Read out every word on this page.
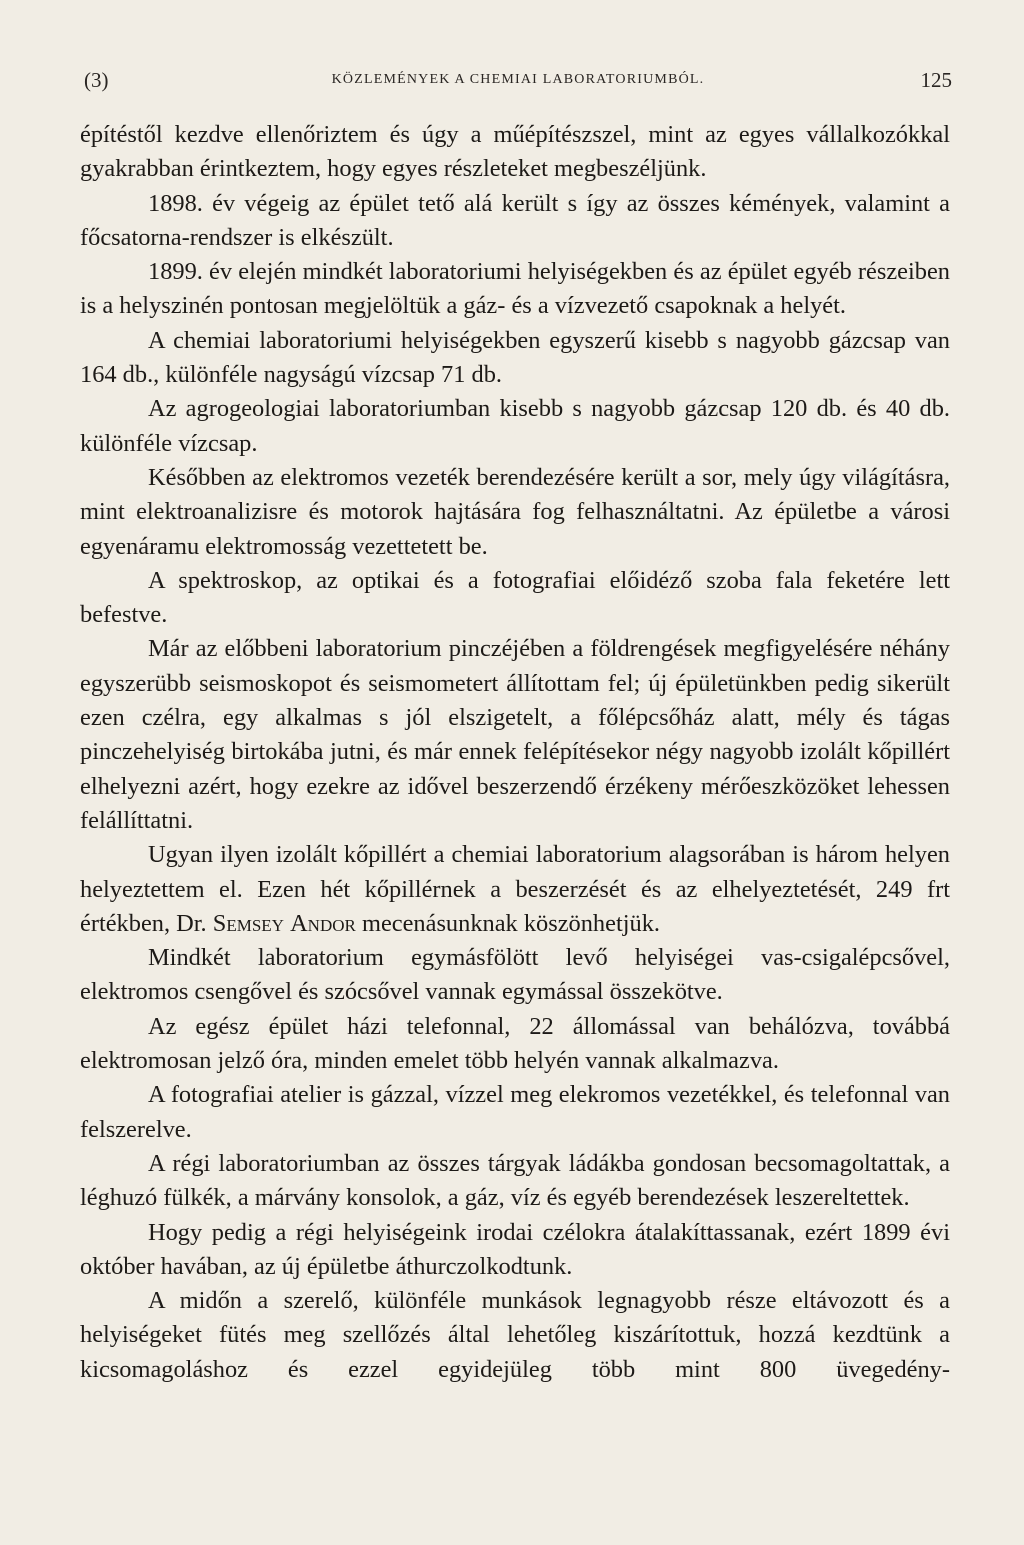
(3)	KÖZLEMÉNYEK A CHEMIAI LABORATORIUMBÓL.	125

építéstől kezdve ellenőriztem és úgy a műépítészszel, mint az egyes vállalkozókkal gyakrabban érintkeztem, hogy egyes részleteket megbeszéljünk.

1898. év végeig az épület tető alá került s így az összes kémények, valamint a főcsatorna-rendszer is elkészült.

1899. év elején mindkét laboratoriumi helyiségekben és az épület egyéb részeiben is a helyszinén pontosan megjelöltük a gáz- és a vízvezető csapoknak a helyét.

A chemiai laboratoriumi helyiségekben egyszerű kisebb s nagyobb gázcsap van 164 db., különféle nagyságú vízcsap 71 db.

Az agrogeologiai laboratoriumban kisebb s nagyobb gázcsap 120 db. és 40 db. különféle vízcsap.

Későbben az elektromos vezeték berendezésére került a sor, mely úgy világításra, mint elektroanalizisre és motorok hajtására fog felhasználtatni. Az épületbe a városi egyenáramu elektromosság vezettetett be.

A spektroskop, az optikai és a fotografiai előidéző szoba fala feketére lett befestve.

Már az előbbeni laboratorium pinczéjében a földrengések megfigyelésére néhány egyszerübb seismoskopot és seismometert állítottam fel; új épületünkben pedig sikerült ezen czélra, egy alkalmas s jól elszigetelt, a főlépcsőház alatt, mély és tágas pinczehelyiség birtokába jutni, és már ennek felépítésekor négy nagyobb izolált kőpillért elhelyezni azért, hogy ezekre az idővel beszerzendő érzékeny mérőeszközöket lehessen felállíttatni.

Ugyan ilyen izolált kőpillért a chemiai laboratorium alagsorában is három helyen helyeztettem el. Ezen hét kőpillérnek a beszerzését és az elhelyeztetését, 249 frt értékben, Dr. Semsey Andor mecenásunknak köszönhetjük.

Mindkét laboratorium egymásfölött levő helyiségei vas-csigalépcsővel, elektromos csengővel és szócsővel vannak egymással összekötve.

Az egész épület házi telefonnal, 22 állomással van behálózva, továbbá elektromosan jelző óra, minden emelet több helyén vannak alkalmazva.

A fotografiai atelier is gázzal, vízzel meg elekromos vezetékkel, és telefonnal van felszerelve.

A régi laboratoriumban az összes tárgyak ládákba gondosan becsomagoltattak, a léghuzó fülkék, a márvány konsolok, a gáz, víz és egyéb berendezések leszereltettek.

Hogy pedig a régi helyiségeink irodai czélokra átalakíttassanak, ezért 1899 évi október havában, az új épületbe áthurczolkodtunk.

A midőn a szerelő, különféle munkások legnagyobb része eltávozott és a helyiségeket fütés meg szellőzés által lehetőleg kiszárítottuk, hozzá kezdtünk a kicsomagoláshoz és ezzel egyidejüleg több mint 800 üvegedény-
